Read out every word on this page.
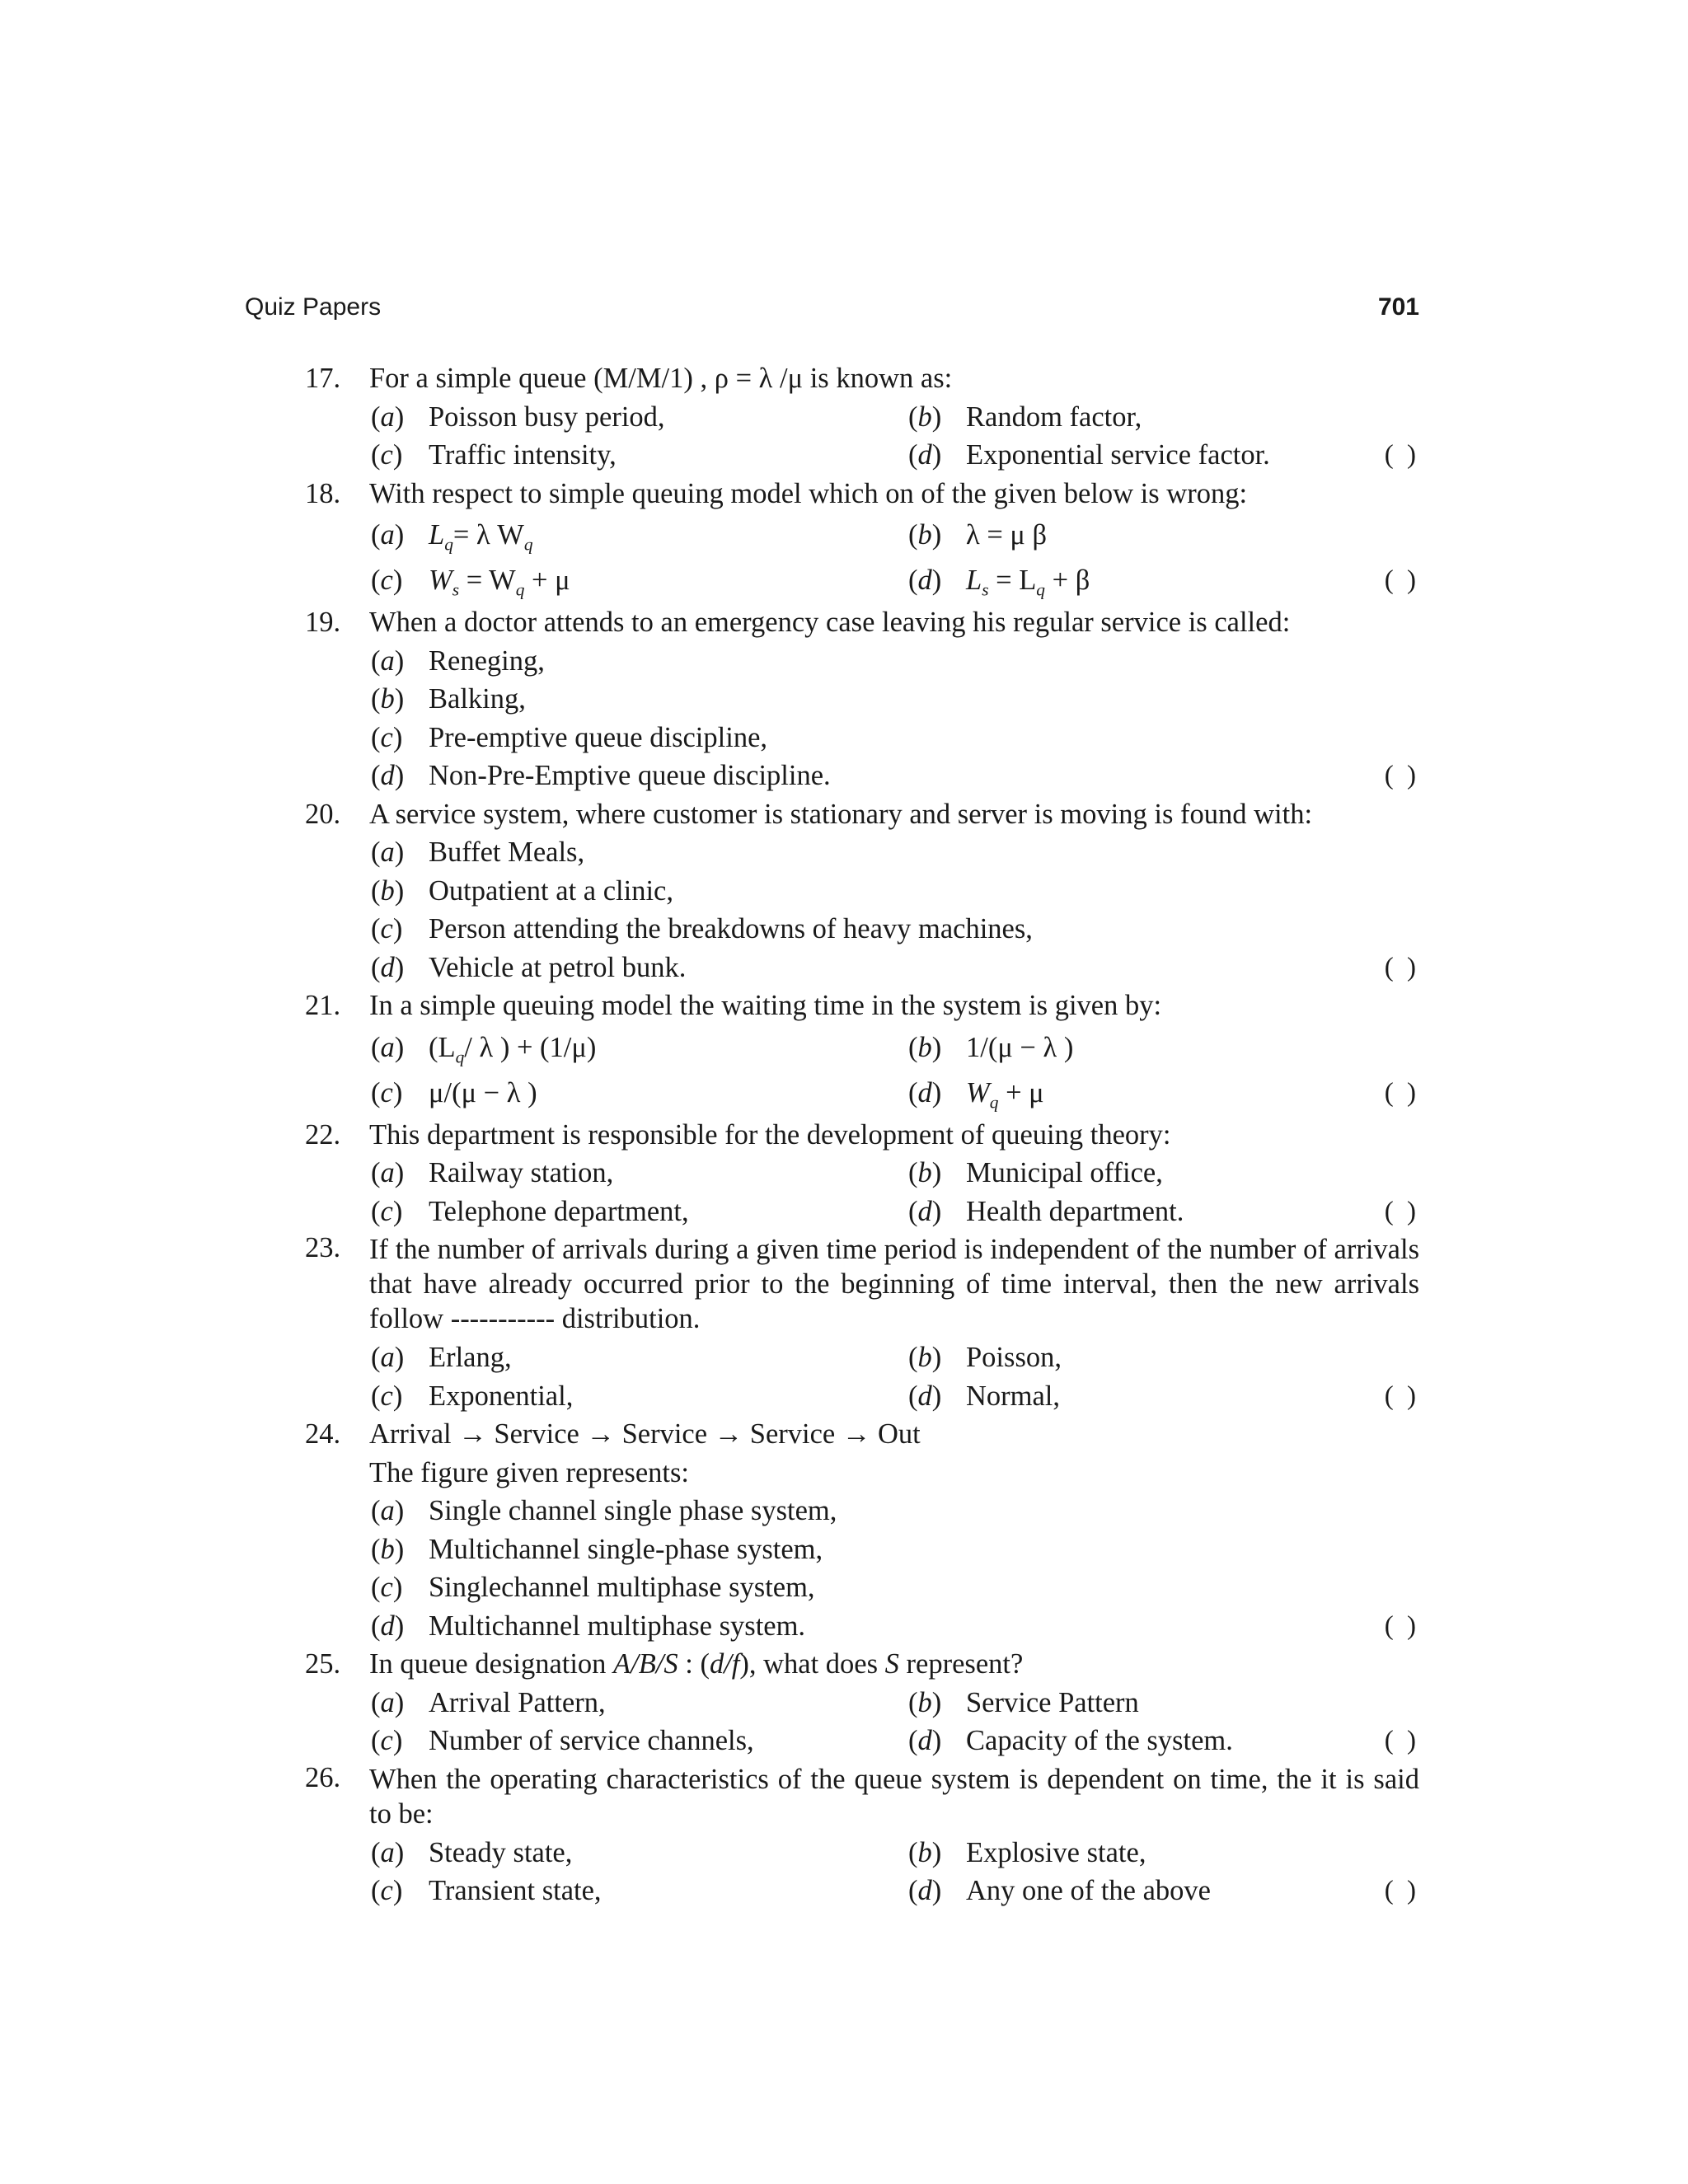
Quiz Papers	701
17. For a simple queue (M/M/1) , ρ = λ /μ is known as:
(a) Poisson busy period,	(b) Random factor,
(c) Traffic intensity,	(d) Exponential service factor.	( )
18. With respect to simple queuing model which on of the given below is wrong:
(a) $L_q= \lambda$ $W_q$	(b) λ = μ β
(c) $W_s = W_q + \mu$	(d) $L_s = L_q + \beta$	( )
19. When a doctor attends to an emergency case leaving his regular service is called:
(a) Reneging,
(b) Balking,
(c) Pre-emptive queue discipline,
(d) Non-Pre-Emptive queue discipline.	( )
20. A service system, where customer is stationary and server is moving is found with:
(a) Buffet Meals,
(b) Outpatient at a clinic,
(c) Person attending the breakdowns of heavy machines,
(d) Vehicle at petrol bunk.	( )
21. In a simple queuing model the waiting time in the system is given by:
(a) ($L_q/$ λ ) + (1/μ)	(b) 1/(μ − λ )
(c) μ/(μ − λ )	(d) $W_q + \mu$	( )
22. This department is responsible for the development of queuing theory:
(a) Railway station,	(b) Municipal office,
(c) Telephone department,	(d) Health department.	( )
23.	If the number of arrivals during a given time period is independent of the number of arrivals that have already occurred prior to the beginning of time interval, then the new arrivals follow ----------- distribution.
(a) Erlang,	(b) Poisson,
(c) Exponential,	(d) Normal,	( )
24. Arrival → Service → Service → Service → Out
The figure given represents:
(a) Single channel single phase system,
(b) Multichannel single-phase system,
(c) Singlechannel multiphase system,
(d) Multichannel multiphase system.	( )
25. In queue designation A/B/S : (d/f), what does S represent?
(a) Arrival Pattern,	(b) Service Pattern
(c) Number of service channels,	(d) Capacity of the system.	( )
26.	When the operating characteristics of the queue system is dependent on time, the it is said to be:
(a) Steady state,	(b) Explosive state,
(c) Transient state,	(d) Any one of the above	( )
